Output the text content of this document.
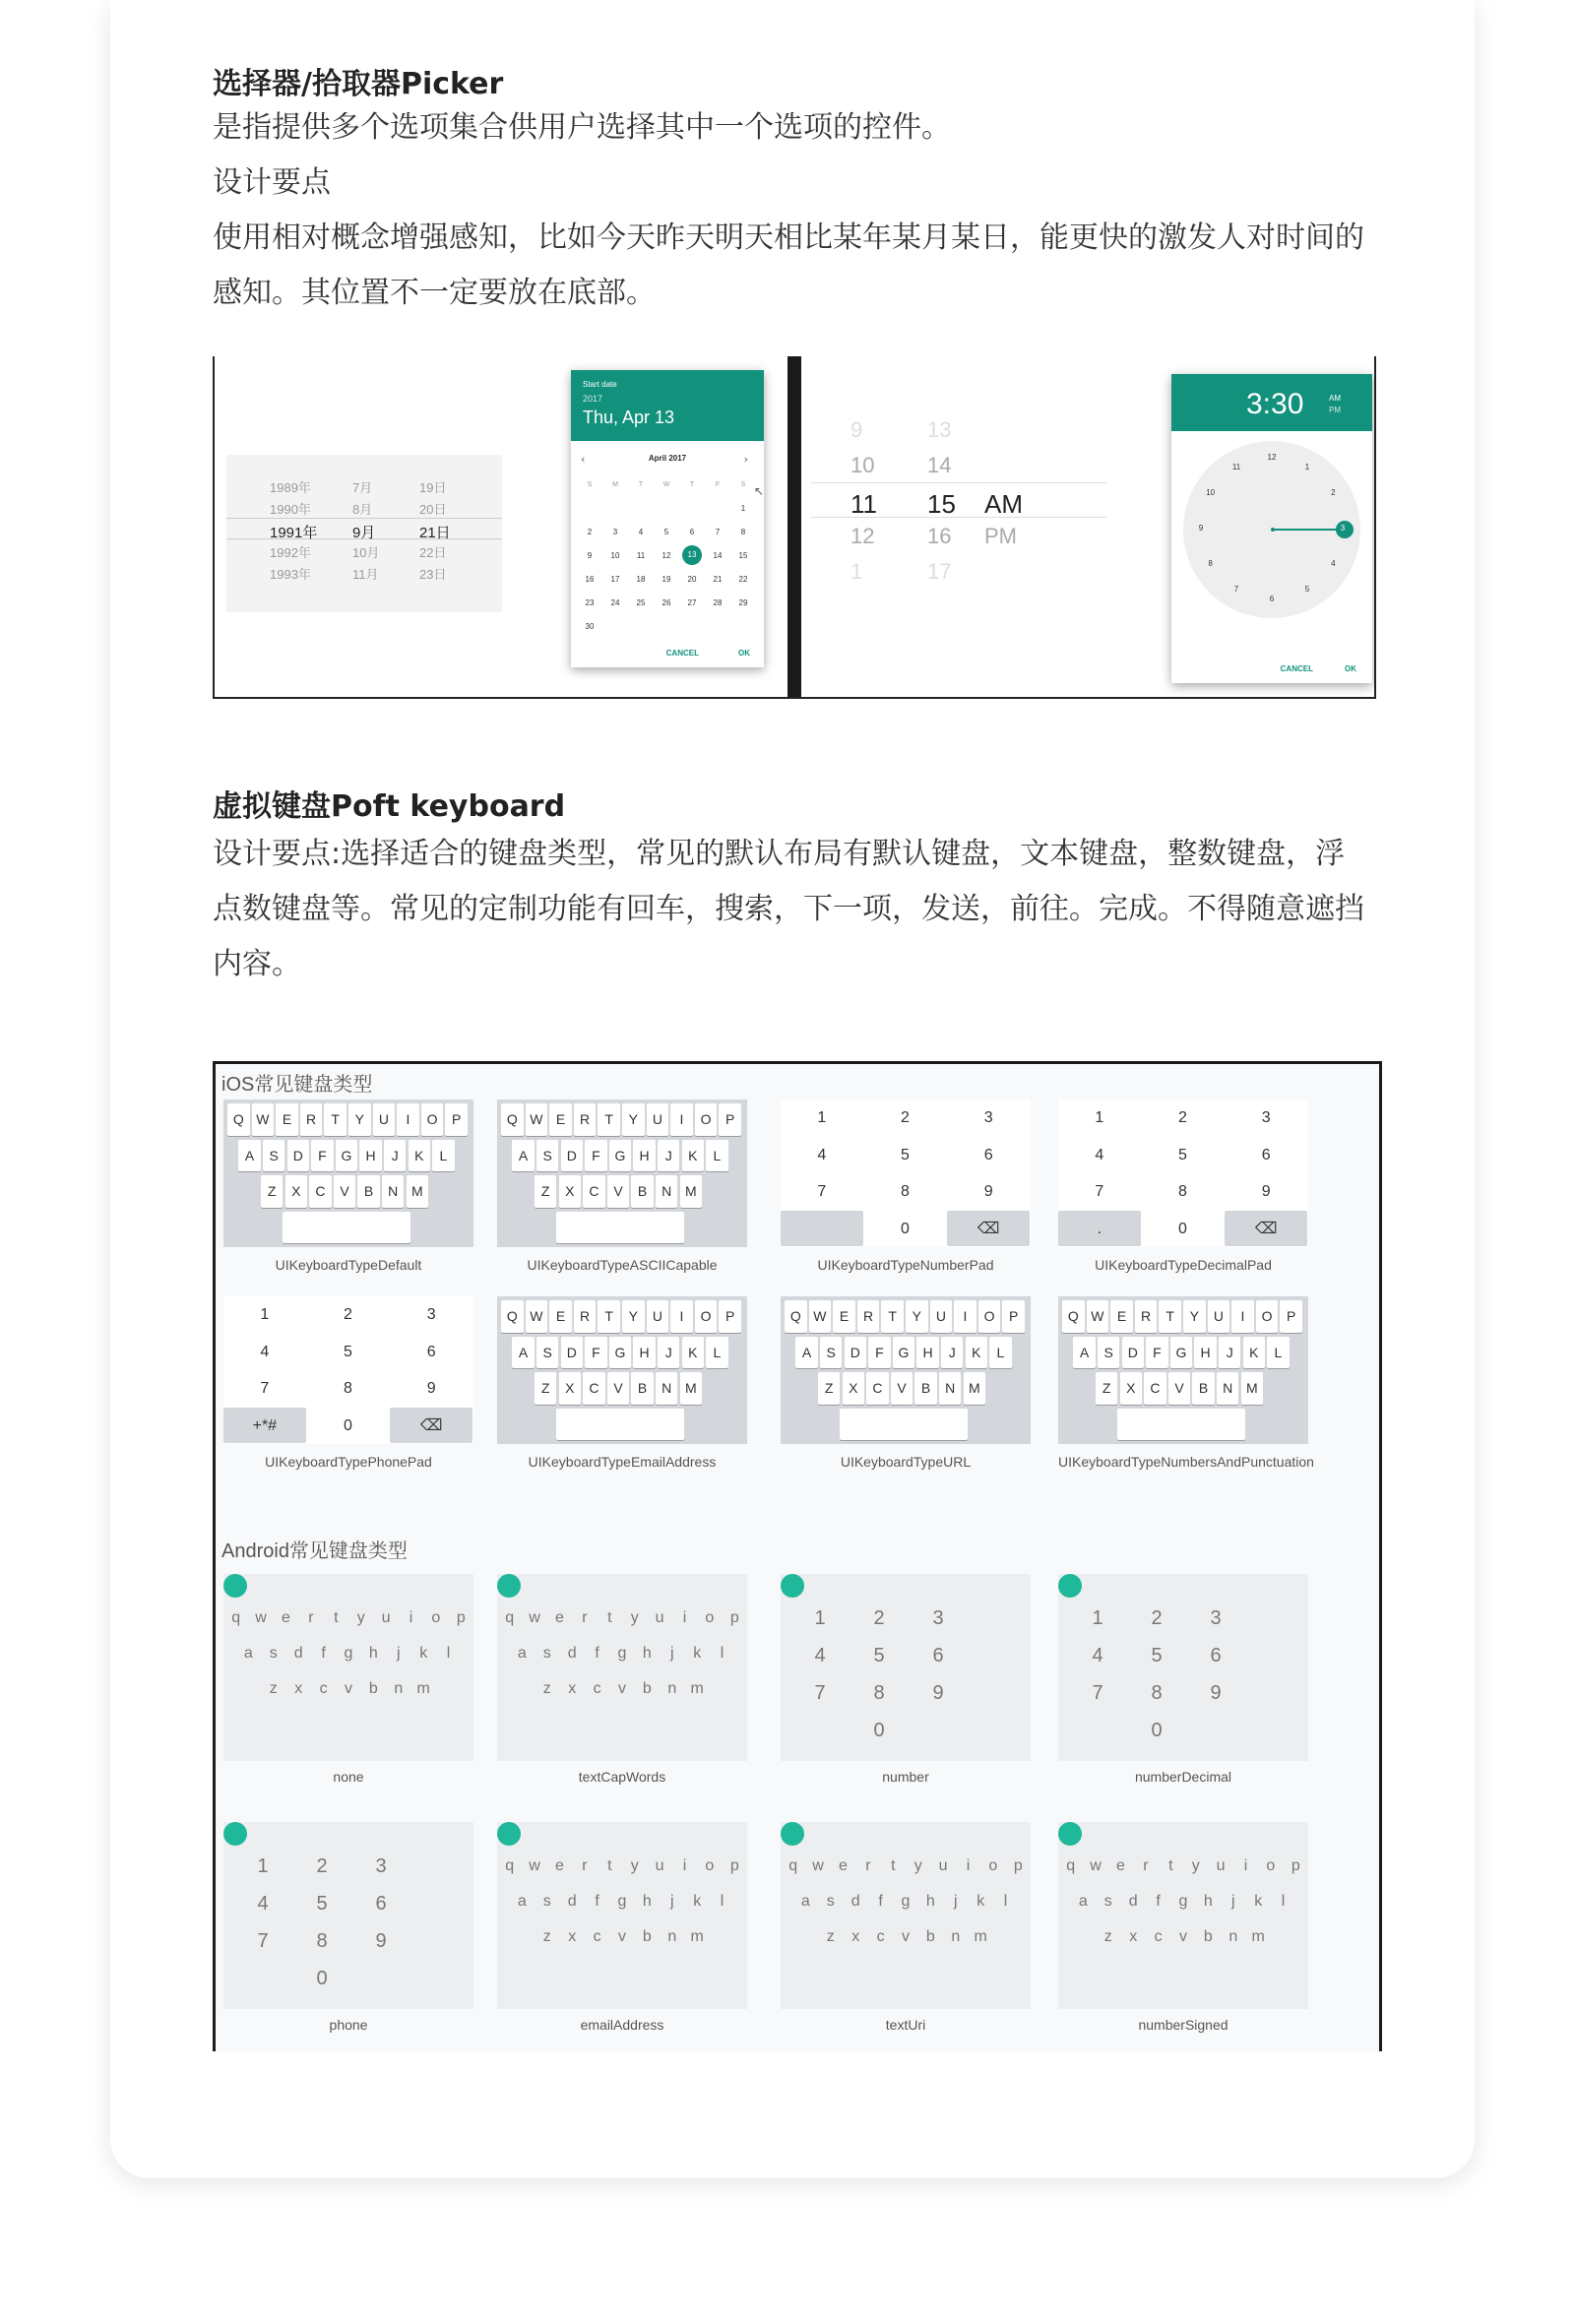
选择器/拾取器Picker
是指提供多个选项集合供用户选择其中一个选项的控件。
设计要点
使用相对概念增强感知，比如今天昨天明天相比某年某月某日，能更快的激发人对时间的感知。其位置不一定要放在底部。
1989年	7月	19日
1990年	8月	20日
1991年 9月	21日
1992年	10月	22日
1993年	11月	23日
Start date
2017
Thu, Apr 13
‹	April 2017	›
S	M	T	W	T	F	S
						1
2	3	4	5	6	7	8
9	10	11	12	13	14	15
16	17	18	19	20	21	22
23	24	25	26	27	28	29
30						
CANCEL	OK
↖
9	13
10 14
11 15 AM
12 16 PM
1	17
3:30	AM
PM
12
1
2
3
4
5
6
7
8
9
10
11
CANCEL	OK
虚拟键盘Poft keyboard
设计要点:选择适合的键盘类型，常见的默认布局有默认键盘，文本键盘，整数键盘，浮点数键盘等。常见的定制功能有回车，搜索，下一项，发送，前往。完成。不得随意遮挡内容。
iOS常见键盘类型
Android常见键盘类型
Q W E	R	T	Y	U	I	O	P
A	S	D	F	G	H	J	K	L
Z	X	C	V	B	N M
Q W E	R	T	Y	U	I	O	P
A	S	D	F	G	H	J	K	L
Z	X	C	V	B	N M
1	2	3
4	5	6
7	8	9
0	⌫
1	2	3
4	5	6
7	8	9
.	0	⌫
1	2	3
4	5	6
7	8	9
+*#	0	⌫
Q W E	R	T	Y	U	I	O	P
A	S	D	F	G	H	J	K	L
Z	X	C	V	B	N M
Q W E	R	T	Y	U	I	O	P
A	S	D	F	G	H	J	K	L
Z	X	C	V	B	N M
Q W E	R	T	Y	U	I	O	P
A	S	D	F	G	H	J	K	L
Z	X	C	V	B	N M
UIKeyboardTypeDefault	UIKeyboardTypeASCIICapable	UIKeyboardTypeNumberPad	UIKeyboardTypeDecimalPad
UIKeyboardTypePhonePad	UIKeyboardTypeEmailAddress	UIKeyboardTypeURL	UIKeyboardTypeNumbersAndPunctuation
q w e	r	t	y	u	i	o	p
a	s	d	f	g	h	j	k	l
z	x	c	v	b	n m
q w e	r	t	y	u	i	o	p
a	s	d	f	g	h	j	k	l
z	x	c	v	b	n m
1	2	3
4	5	6
7	8	9
0
1	2	3
4	5	6
7	8	9
0
1	2	3
4	5	6
7	8	9
0
q w e	r	t	y	u	i	o	p
a	s	d	f	g	h	j	k	l
z	x	c	v	b	n m
q w e	r	t	y	u	i	o	p
a	s	d	f	g	h	j	k	l
z	x	c	v	b	n m
q w e	r	t	y	u	i	o	p
a	s	d	f	g	h	j	k	l
z	x	c	v	b	n m
none	textCapWords	number	numberDecimal
phone	emailAddress	textUri	numberSigned
